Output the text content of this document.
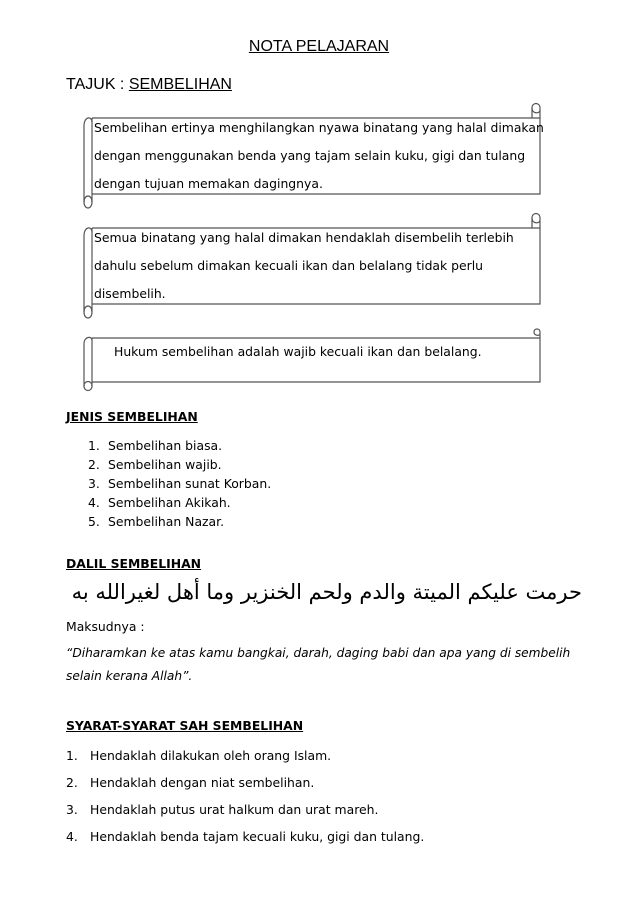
NOTA PELAJARAN
TAJUK : SEMBELIHAN
Sembelihan ertinya menghilangkan nyawa binatang yang halal dimakan
dengan menggunakan benda yang tajam selain kuku, gigi dan tulang
dengan tujuan memakan dagingnya.
Semua binatang yang halal dimakan hendaklah disembelih terlebih
dahulu sebelum dimakan kecuali ikan dan belalang tidak perlu
disembelih.
Hukum sembelihan adalah wajib kecuali ikan dan belalang.
JENIS SEMBELIHAN
1. Sembelihan biasa.
2. Sembelihan wajib.
3. Sembelihan sunat Korban.
4. Sembelihan Akikah.
5. Sembelihan Nazar.
DALIL SEMBELIHAN
حرمت عليكم الميتة والدم ولحم الخنزير وما أهل لغيرالله به
Maksudnya :
“Diharamkan ke atas kamu bangkai, darah, daging babi dan apa yang di sembelih selain kerana Allah”.
SYARAT-SYARAT SAH SEMBELIHAN
1. Hendaklah dilakukan oleh orang Islam.
2. Hendaklah dengan niat sembelihan.
3. Hendaklah putus urat halkum dan urat mareh.
4. Hendaklah benda tajam kecuali kuku, gigi dan tulang.
